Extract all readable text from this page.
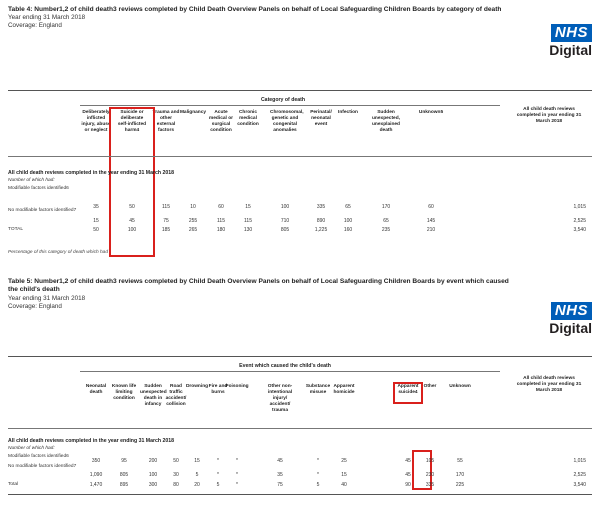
Table 4: Number1,2 of child death3 reviews completed by Child Death Overview Panels on behalf of Local Safeguarding Children Boards by category of death
Year ending 31 March 2018
Coverage: England	NHS
Digital
Category of death
Deliberately inflicted injury, abuse or neglect
Suicide or deliberate self-inflicted harm4
Trauma and other external factors
Malignancy	Acute medical or surgical condition
Chronic medical condition
Chromosomal, genetic and congenital anomalies
Perinatal/ neonatal event
Infection	Sudden unexpected, unexplained death
Unknown5
All child death reviews completed in year ending 31 March 2018
All child death reviews completed in the year ending 31 March 2018
Number of which had:
Modifiable factors identified6
35	50	115	10	60	15	100	335	65	170	60	1,015
No modifiable factors identified7
15	45	75	255	115	115	710	890	100	65	145	2,525
TOTAL	50	100	185	265	180	130	805	1,225	160	235	210	3,540
Percentage of this category of death which had
Table 5: Number1,2 of child death3 reviews completed by Child Death Overview Panels on behalf of Local Safeguarding Children Boards by event which caused the child's death
Year ending 31 March 2018
Coverage: England	NHS
Digital
Event which caused the child's death
Neonatal death
Known life limiting condition
Sudden unexpected death in infancy
Road traffic accident/ collision
Drowning Fire and burns
Poisoning	Other non-intentional injury/ accident/ trauma
Substance misuse
Apparent homicide
Apparent suicide4
Other	Unknown
All child death reviews completed in year ending 31 March 2018
All child death reviews completed in the year ending 31 March 2018
Number of which had:
Modifiable factors identified6
350	95	200	50	15	*	*	45	*	25	45	105	55	1,015
No modifiable factors identified7
1,090	805	100	30	5	*	*	35	*	15	45	230	170	2,525
Total	1,470	895	300	80	20	5	*	75	5	40	90	335	225	3,540
